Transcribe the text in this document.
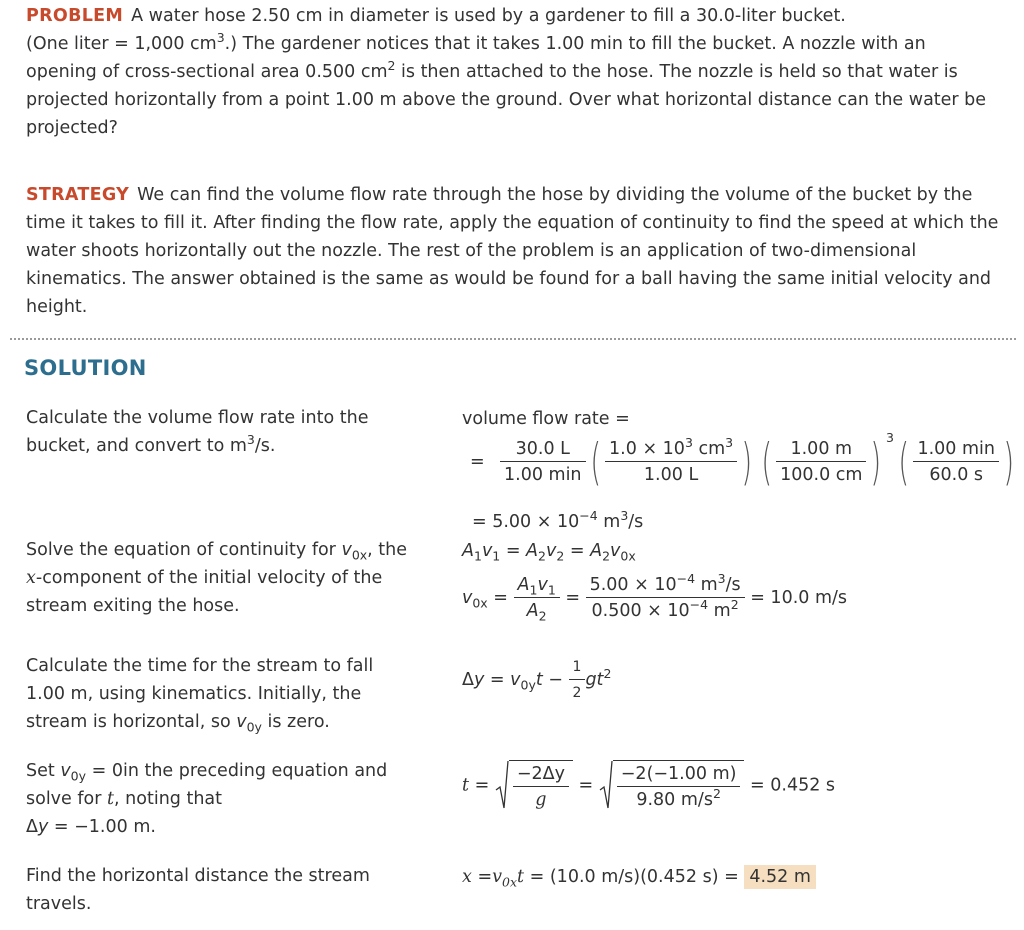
PROBLEM A water hose 2.50 cm in diameter is used by a gardener to fill a 30.0-liter bucket.
(One liter = 1,000 $cm^3$.) The gardener notices that it takes 1.00 min to fill the bucket. A nozzle with an
opening of cross-sectional area 0.500 $cm^2$ is then attached to the hose. The nozzle is held so that water is projected horizontally from a point 1.00 m above the ground. Over what horizontal distance can the water be projected?

STRATEGY We can find the volume flow rate through the hose by dividing the volume of the bucket by the time it takes to fill it. After finding the flow rate, apply the equation of continuity to find the speed at which the water shoots horizontally out the nozzle. The rest of the problem is an application of two-dimensional kinematics. The answer obtained is the same as would be found for a ball having the same initial velocity and height.

SOLUTION
Calculate the volume flow rate into the bucket, and convert to $m^3/s$.
volume flow rate =
= $\frac{30.0 L}{1.00 \min}$ ( $\frac{1.0 \times 10^3 cm^3}{1.00 L}$ ) ( $\frac{1.00 m}{100.0 cm}$ ) $^3( \frac{1.00 \min}{60.0 s}$ )
= $5.00 \times 10^{-4}$ $m^3/s$
Solve the equation of continuity for $v_{0x}$, the x-component of the initial velocity of the stream exiting the hose.
$A_1v_1 = A_2v_2 = A_2v_{0x}$
$v_{0x} = \frac{A_1v_1}{A_2} = \frac{5.00 \times 10^{-4} m^3/s}{0.500 \times 10^{-4} m^2} = 10.0$ m/s
Calculate the time for the stream to fall 1.00 m, using kinematics. Initially, the stream is horizontal, so $v_{0y}$ is zero.
$\Delta y = v_{0y}t - \frac{1}{2} gt^2$
Set $v_{0y} = 0in$ the preceding equation and solve for t, noting that
Δy = −1.00 m.
$t = \frac{-2\Delta y}{g} = \frac{-2(-1.00 m)}{9.80 m/s^2} = 0.452$ s
Find the horizontal distance the stream travels.
$x =v_{0x}t = (10.0$ m/s)(0.452 s) = 4.52 m
